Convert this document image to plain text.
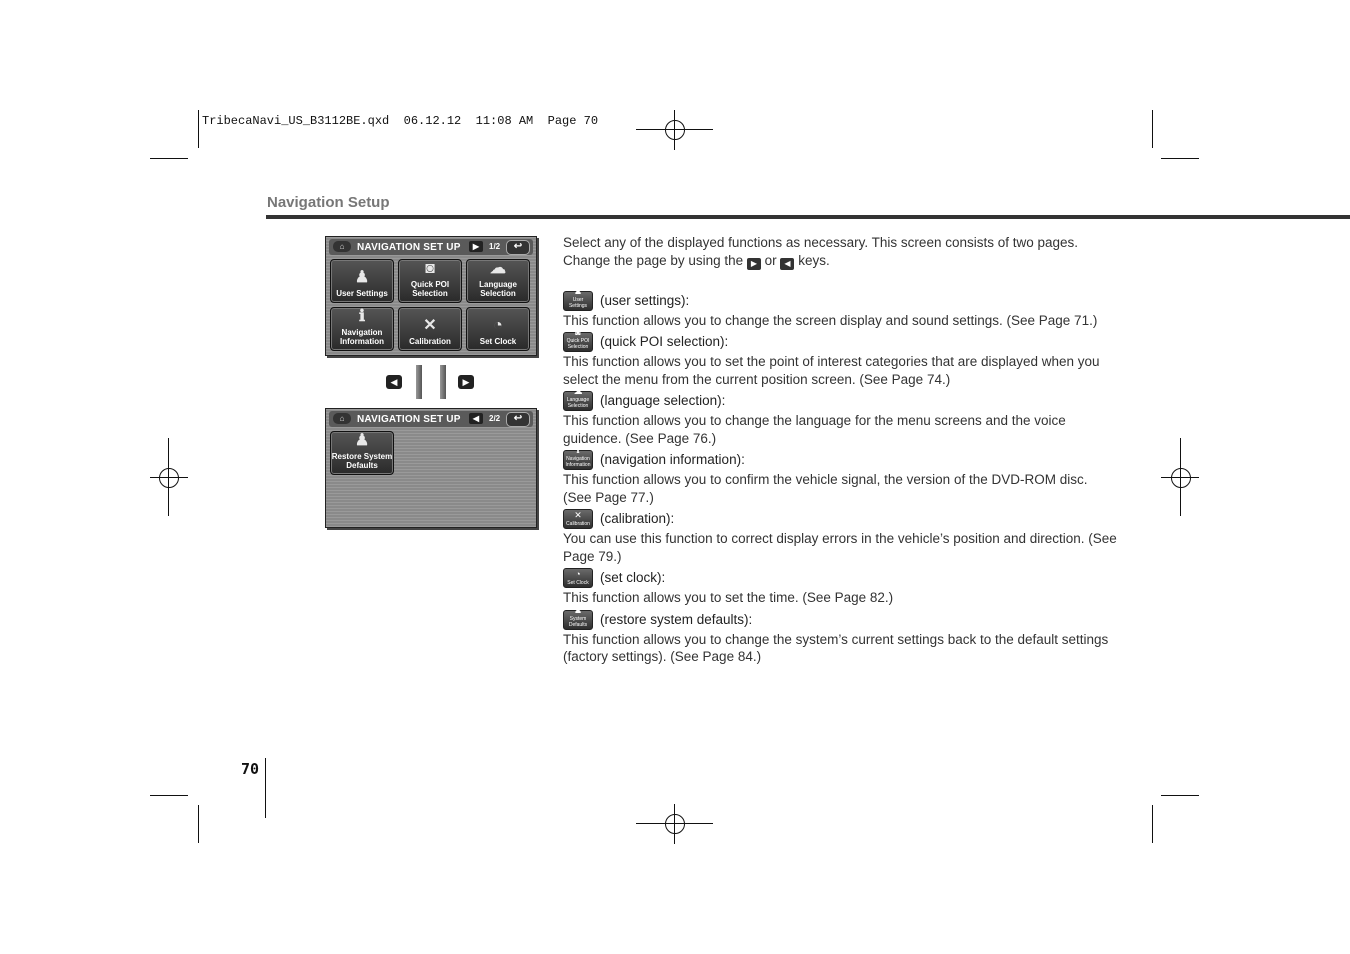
TribecaNavi_US_B3112BE.qxd  06.12.12  11:08 AM  Page 70
Navigation Setup
70
⌂	NAVIGATION SET UP	▶	1/2	↩
♟
User Settings
◙
Quick POI Selection
☁
Language Selection
ℹ
Navigation Information
✕
Calibration
◔
Set Clock
◀	▶
⌂	NAVIGATION SET UP	◀	2/2	↩
♟
Restore System Defaults

Select any of the displayed functions as necessary. This screen consists of two pages. Change the page by using the ▶ or ◀ keys.

♟
User Settings (user settings):

This function allows you to change the screen display and sound settings. (See Page 71.)

◙
Quick POI Selection (quick POI selection):

This function allows you to set the point of interest categories that are displayed when you select the menu from the current position screen. (See Page 74.)

☁
Language Selection (language selection):

This function allows you to change the language for the menu screens and the voice guidence. (See Page 76.)

ℹ
Navigation Information (navigation information):

This function allows you to confirm the vehicle signal, the version of the DVD-ROM disc. (See Page 77.)

✕
Calibration (calibration):

You can use this function to correct display errors in the vehicle’s position and direction. (See Page 79.)

◔
Set Clock (set clock):

This function allows you to set the time. (See Page 82.)

♟
System Defaults (restore system defaults):

This function allows you to change the system’s current settings back to the default settings (factory settings). (See Page 84.)
